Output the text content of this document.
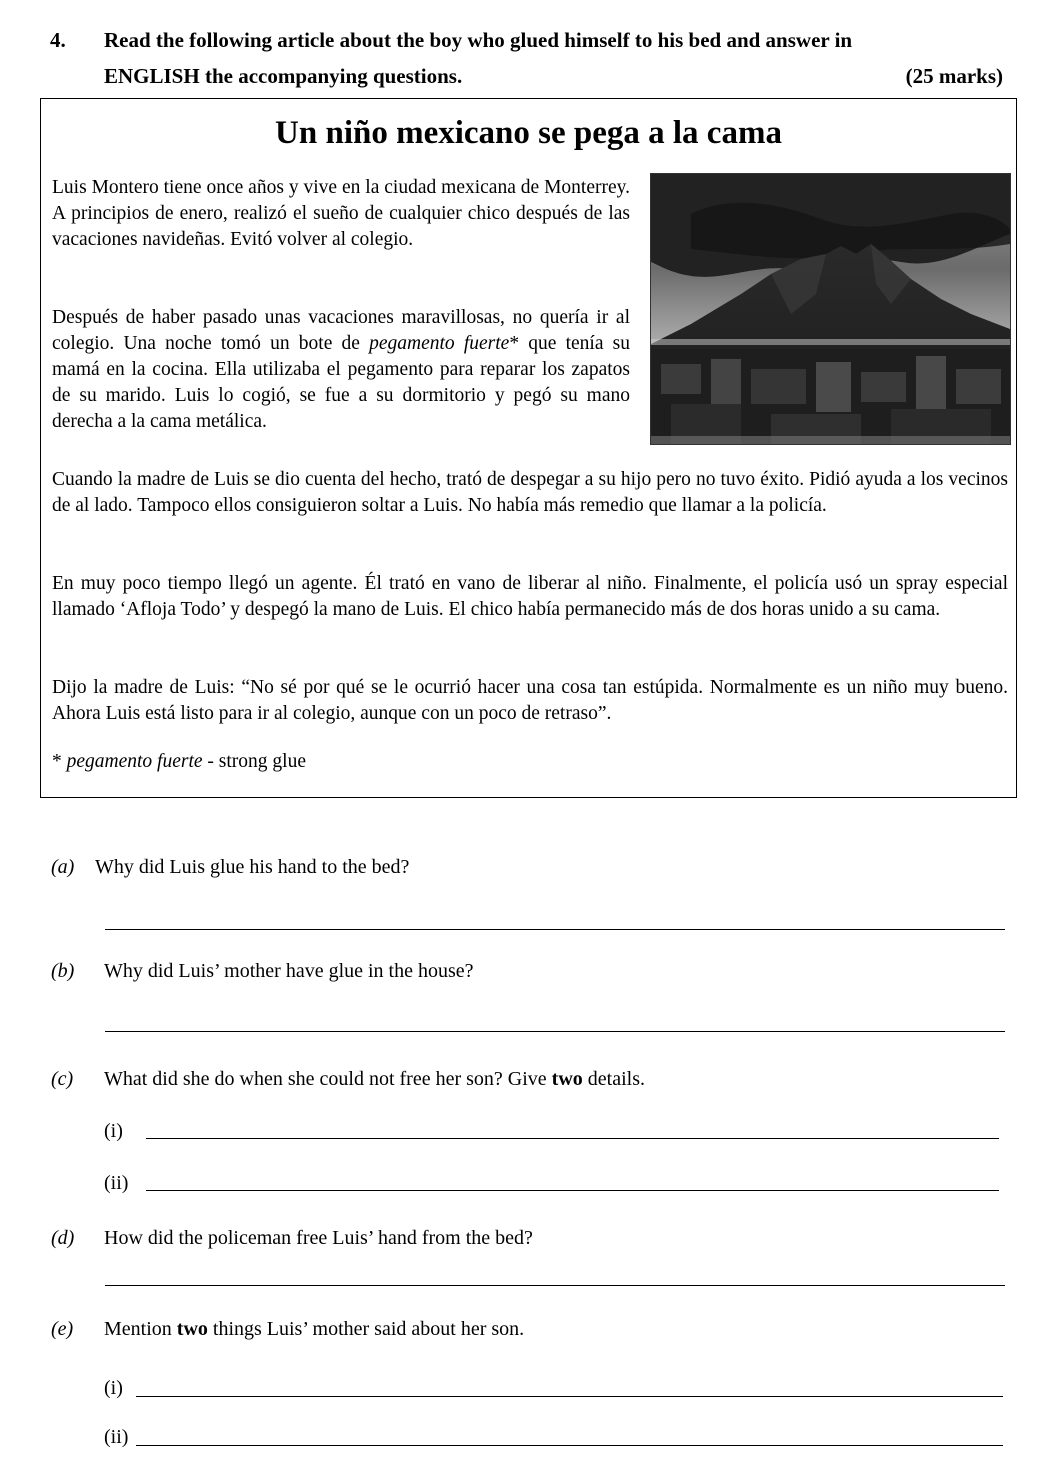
4. Read the following article about the boy who glued himself to his bed and answer in
ENGLISH the accompanying questions.	(25 marks)
Un niño mexicano se pega a la cama
Luis Montero tiene once años y vive en la ciudad mexicana de Monterrey. A principios de enero, realizó el sueño de cualquier chico después de las vacaciones navideñas. Evitó volver al colegio.
Después de haber pasado unas vacaciones maravillosas, no quería ir al colegio. Una noche tomó un bote de pegamento fuerte* que tenía su mamá en la cocina. Ella utilizaba el pegamento para reparar los zapatos de su marido. Luis lo cogió, se fue a su dormitorio y pegó su mano derecha a la cama metálica.
Cuando la madre de Luis se dio cuenta del hecho, trató de despegar a su hijo pero no tuvo éxito. Pidió ayuda a los vecinos de al lado. Tampoco ellos consiguieron soltar a Luis. No había más remedio que llamar a la policía.
En muy poco tiempo llegó un agente. Él trató en vano de liberar al niño. Finalmente, el policía usó un spray especial llamado ‘Afloja Todo’ y despegó la mano de Luis. El chico había permanecido más de dos horas unido a su cama.
Dijo la madre de Luis: “No sé por qué se le ocurrió hacer una cosa tan estúpida. Normalmente es un niño muy bueno. Ahora Luis está listo para ir al colegio, aunque con un poco de retraso”.
* pegamento fuerte - strong glue
(a) Why did Luis glue his hand to the bed?
(b) Why did Luis’ mother have glue in the house?
(c) What did she do when she could not free her son? Give two details.
(i)
(ii)
(d) How did the policeman free Luis’ hand from the bed?
(e) Mention two things Luis’ mother said about her son.
(i)
(ii)
